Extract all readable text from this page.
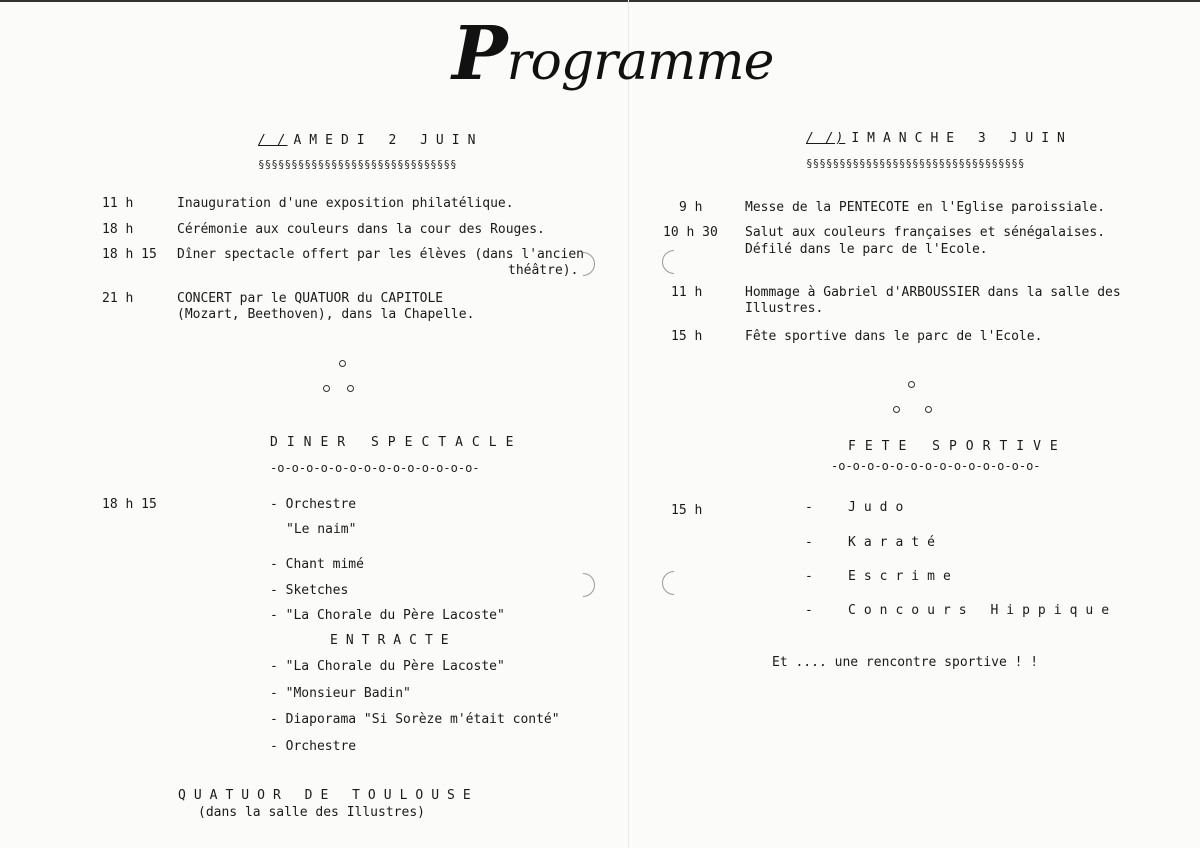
Programme
/ / AMEDI 2 JUIN
§§§§§§§§§§§§§§§§§§§§§§§§§§§§§§
11 h	Inauguration d'une exposition philatélique.
18 h	Cérémonie aux couleurs dans la cour des Rouges.
18 h 15 Dîner spectacle offert par les élèves (dans l'ancien
théâtre).
21 h	CONCERT par le QUATUOR du CAPITOLE
(Mozart, Beethoven), dans la Chapelle.
DINER SPECTACLE
-o-o-o-o-o-o-o-o-o-o-o-o-o-o-
18 h 15	- Orchestre
"Le naim"
- Chant mimé
- Sketches
- "La Chorale du Père Lacoste"
ENTRACTE
- "La Chorale du Père Lacoste"
- "Monsieur Badin"
- Diaporama "Si Sorèze m'était conté"
- Orchestre
QUATUOR DE TOULOUSE
(dans la salle des Illustres)
/ /) IMANCHE 3 JUIN
§§§§§§§§§§§§§§§§§§§§§§§§§§§§§§§§§
9 h	Messe de la PENTECOTE en l'Eglise paroissiale.
10 h 30 Salut aux couleurs françaises et sénégalaises.
Défilé dans le parc de l'Ecole.
11 h	Hommage à Gabriel d'ARBOUSSIER dans la salle des
Illustres.
15 h	Fête sportive dans le parc de l'Ecole.
FETE SPORTIVE
-o-o-o-o-o-o-o-o-o-o-o-o-o-o-
15 h	-	Judo
-	Karaté
-	Escrime
-	Concours Hippique
Et .... une rencontre sportive ! !
